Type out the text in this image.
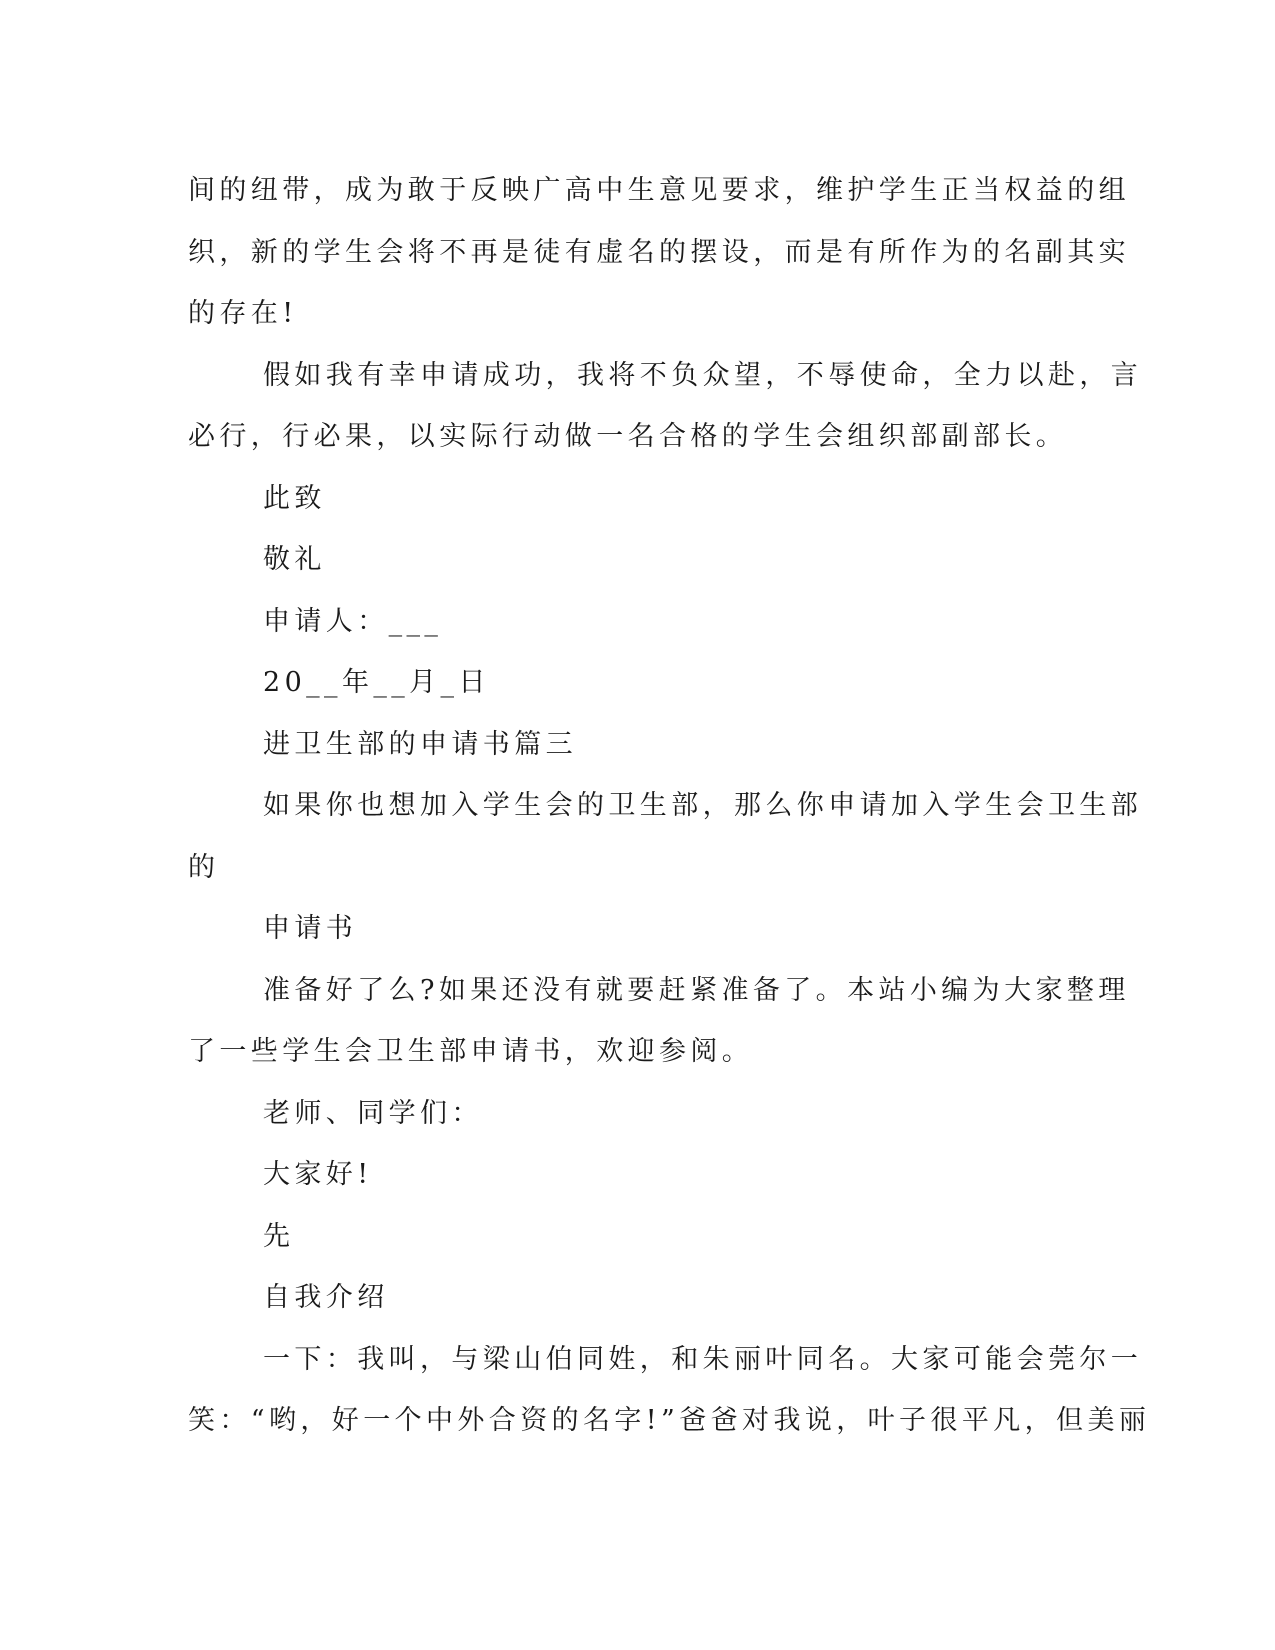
间的纽带，成为敢于反映广高中生意见要求，维护学生正当权益的组
织，新的学生会将不再是徒有虚名的摆设，而是有所作为的名副其实
的存在!
假如我有幸申请成功，我将不负众望，不辱使命，全力以赴，言
必行，行必果，以实际行动做一名合格的学生会组织部副部长。
此致
敬礼
申请人：___
20__年__月_日
进卫生部的申请书篇三
如果你也想加入学生会的卫生部，那么你申请加入学生会卫生部
的
申请书
准备好了么?如果还没有就要赶紧准备了。本站小编为大家整理
了一些学生会卫生部申请书，欢迎参阅。
老师、同学们：
大家好!
先
自我介绍
一下：我叫，与梁山伯同姓，和朱丽叶同名。大家可能会莞尔一
笑：“哟，好一个中外合资的名字!”爸爸对我说，叶子很平凡，但美丽
